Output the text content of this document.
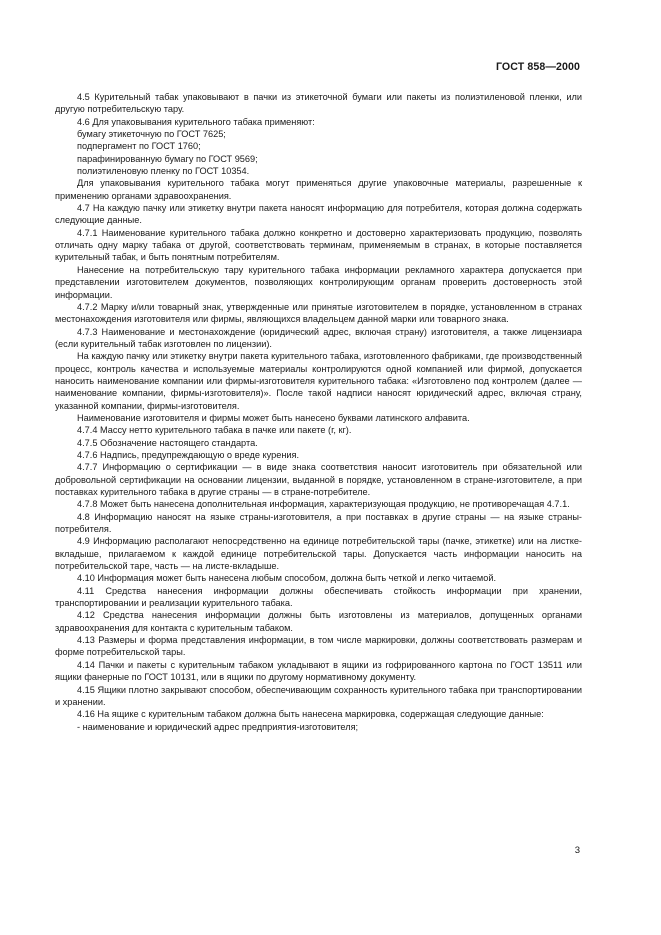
ГОСТ 858—2000

4.5 Курительный табак упаковывают в пачки из этикеточной бумаги или пакеты из полиэтиленовой пленки, или другую потребительскую тару.

4.6 Для упаковывания курительного табака применяют:

бумагу этикеточную по ГОСТ 7625;

подпергамент по ГОСТ 1760;

парафинированную бумагу по ГОСТ 9569;

полиэтиленовую пленку по ГОСТ 10354.

Для упаковывания курительного табака могут применяться другие упаковочные материалы, разрешенные к применению органами здравоохранения.

4.7 На каждую пачку или этикетку внутри пакета наносят информацию для потребителя, которая должна содержать следующие данные.

4.7.1 Наименование курительного табака должно конкретно и достоверно характеризовать продукцию, позволять отличать одну марку табака от другой, соответствовать терминам, применяемым в странах, в которые поставляется курительный табак, и быть понятным потребителям.

Нанесение на потребительскую тару курительного табака информации рекламного характера допускается при представлении изготовителем документов, позволяющих контролирующим органам проверить достоверность этой информации.

4.7.2 Марку и/или товарный знак, утвержденные или принятые изготовителем в порядке, установленном в странах местонахождения изготовителя или фирмы, являющихся владельцем данной марки или товарного знака.

4.7.3 Наименование и местонахождение (юридический адрес, включая страну) изготовителя, а также лицензиара (если курительный табак изготовлен по лицензии).

На каждую пачку или этикетку внутри пакета курительного табака, изготовленного фабриками, где производственный процесс, контроль качества и используемые материалы контролируются одной компанией или фирмой, допускается наносить наименование компании или фирмы-изготовителя курительного табака: «Изготовлено под контролем (далее — наименование компании, фирмы-изготовителя)». После такой надписи наносят юридический адрес, включая страну, указанной компании, фирмы-изготовителя.

Наименование изготовителя и фирмы может быть нанесено буквами латинского алфавита.

4.7.4 Массу нетто курительного табака в пачке или пакете (г, кг).

4.7.5 Обозначение настоящего стандарта.

4.7.6 Надпись, предупреждающую о вреде курения.

4.7.7 Информацию о сертификации — в виде знака соответствия наносит изготовитель при обязательной или добровольной сертификации на основании лицензии, выданной в порядке, установленном в стране-изготовителе, а при поставках курительного табака в другие страны — в стране-потребителе.

4.7.8 Может быть нанесена дополнительная информация, характеризующая продукцию, не противоречащая 4.7.1.

4.8 Информацию наносят на языке страны-изготовителя, а при поставках в другие страны — на языке страны-потребителя.

4.9 Информацию располагают непосредственно на единице потребительской тары (пачке, этикетке) или на листке-вкладыше, прилагаемом к каждой единице потребительской тары. Допускается часть информации наносить на потребительской таре, часть — на листе-вкладыше.

4.10 Информация может быть нанесена любым способом, должна быть четкой и легко читаемой.

4.11 Средства нанесения информации должны обеспечивать стойкость информации при хранении, транспортировании и реализации курительного табака.

4.12 Средства нанесения информации должны быть изготовлены из материалов, допущенных органами здравоохранения для контакта с курительным табаком.

4.13 Размеры и форма представления информации, в том числе маркировки, должны соответствовать размерам и форме потребительской тары.

4.14 Пачки и пакеты с курительным табаком укладывают в ящики из гофрированного картона по ГОСТ 13511 или ящики фанерные по ГОСТ 10131, или в ящики по другому нормативному документу.

4.15 Ящики плотно закрывают способом, обеспечивающим сохранность курительного табака при транспортировании и хранении.

4.16 На ящике с курительным табаком должна быть нанесена маркировка, содержащая следующие данные:

- наименование и юридический адрес предприятия-изготовителя;

3
